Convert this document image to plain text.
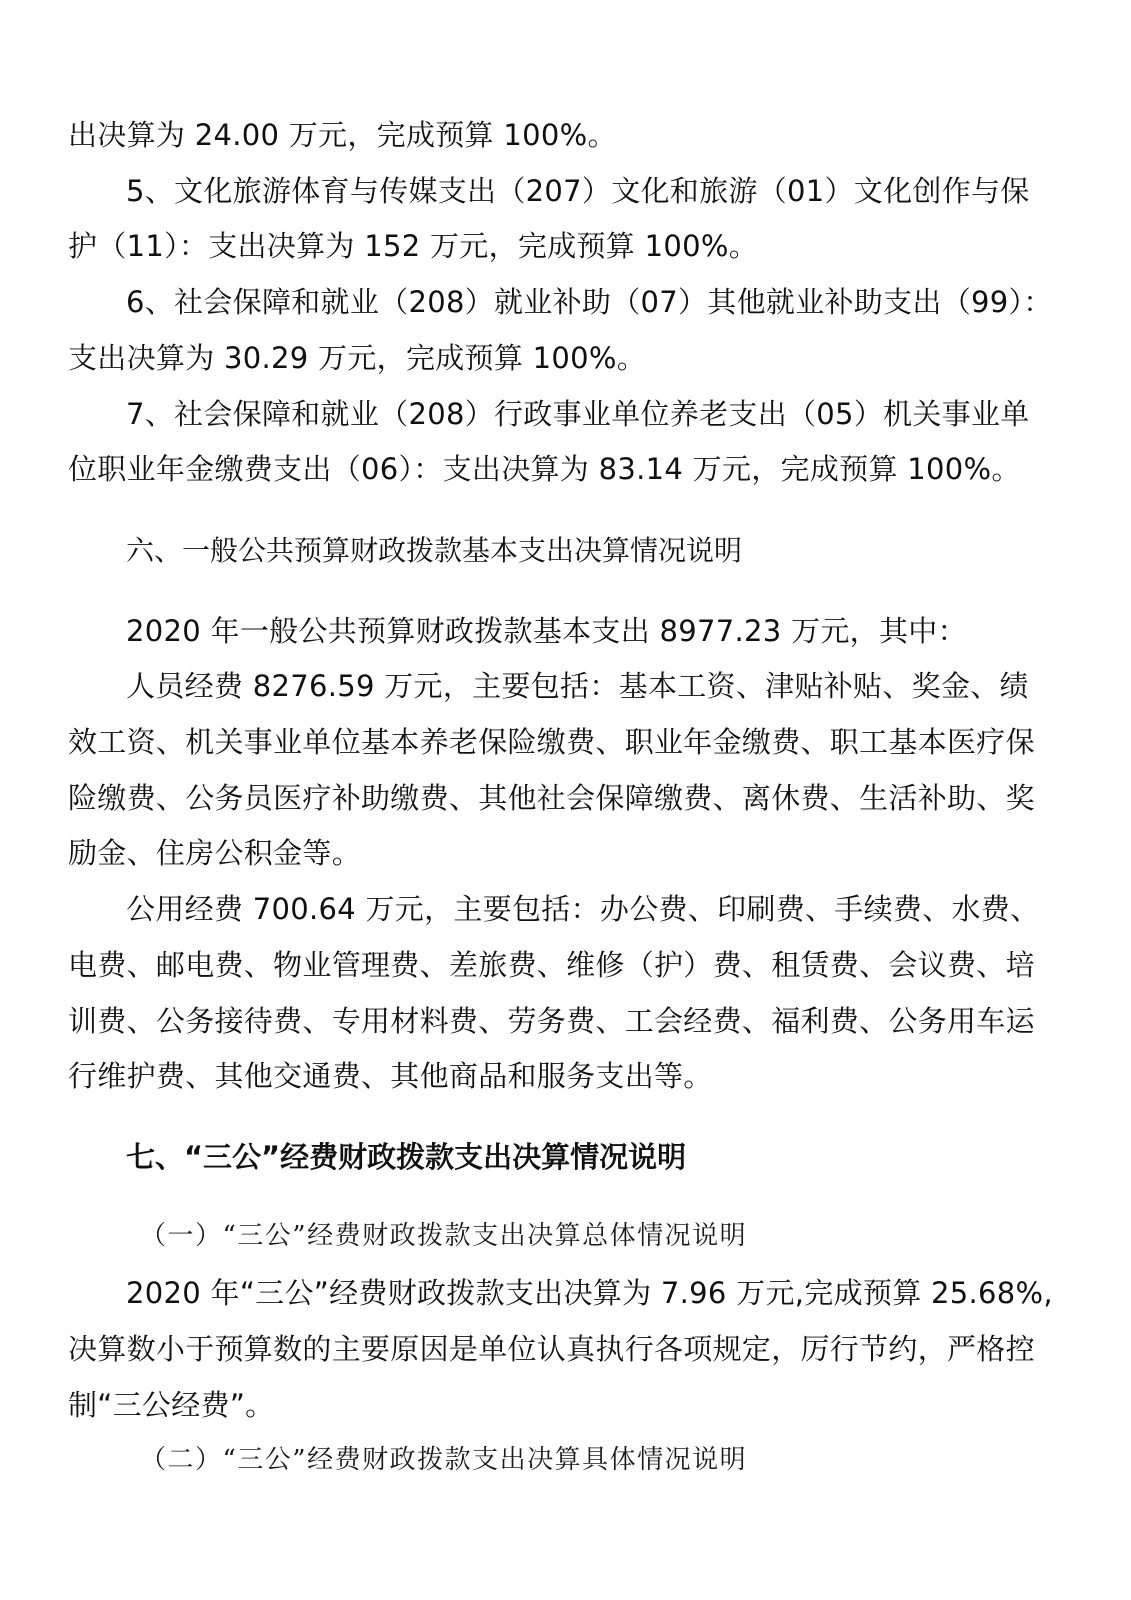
出决算为 24.00 万元，完成预算 100%。
5、文化旅游体育与传媒支出（207）文化和旅游（01）文化创作与保
护（11）：支出决算为 152 万元，完成预算 100%。
6、社会保障和就业（208）就业补助（07）其他就业补助支出（99）：
支出决算为 30.29 万元，完成预算 100%。
7、社会保障和就业（208）行政事业单位养老支出（05）机关事业单
位职业年金缴费支出（06）：支出决算为 83.14 万元，完成预算 100%。
六、一般公共预算财政拨款基本支出决算情况说明
2020 年一般公共预算财政拨款基本支出 8977.23 万元，其中：
人员经费 8276.59 万元，主要包括：基本工资、津贴补贴、奖金、绩
效工资、机关事业单位基本养老保险缴费、职业年金缴费、职工基本医疗保
险缴费、公务员医疗补助缴费、其他社会保障缴费、离休费、生活补助、奖
励金、住房公积金等。
公用经费 700.64 万元，主要包括：办公费、印刷费、手续费、水费、
电费、邮电费、物业管理费、差旅费、维修（护）费、租赁费、会议费、培
训费、公务接待费、专用材料费、劳务费、工会经费、福利费、公务用车运
行维护费、其他交通费、其他商品和服务支出等。
七、“三公”经费财政拨款支出决算情况说明
（一）“三公”经费财政拨款支出决算总体情况说明
2020 年“三公”经费财政拨款支出决算为 7.96 万元,完成预算 25.68%,
决算数小于预算数的主要原因是单位认真执行各项规定，厉行节约，严格控
制“三公经费”。
（二）“三公”经费财政拨款支出决算具体情况说明
